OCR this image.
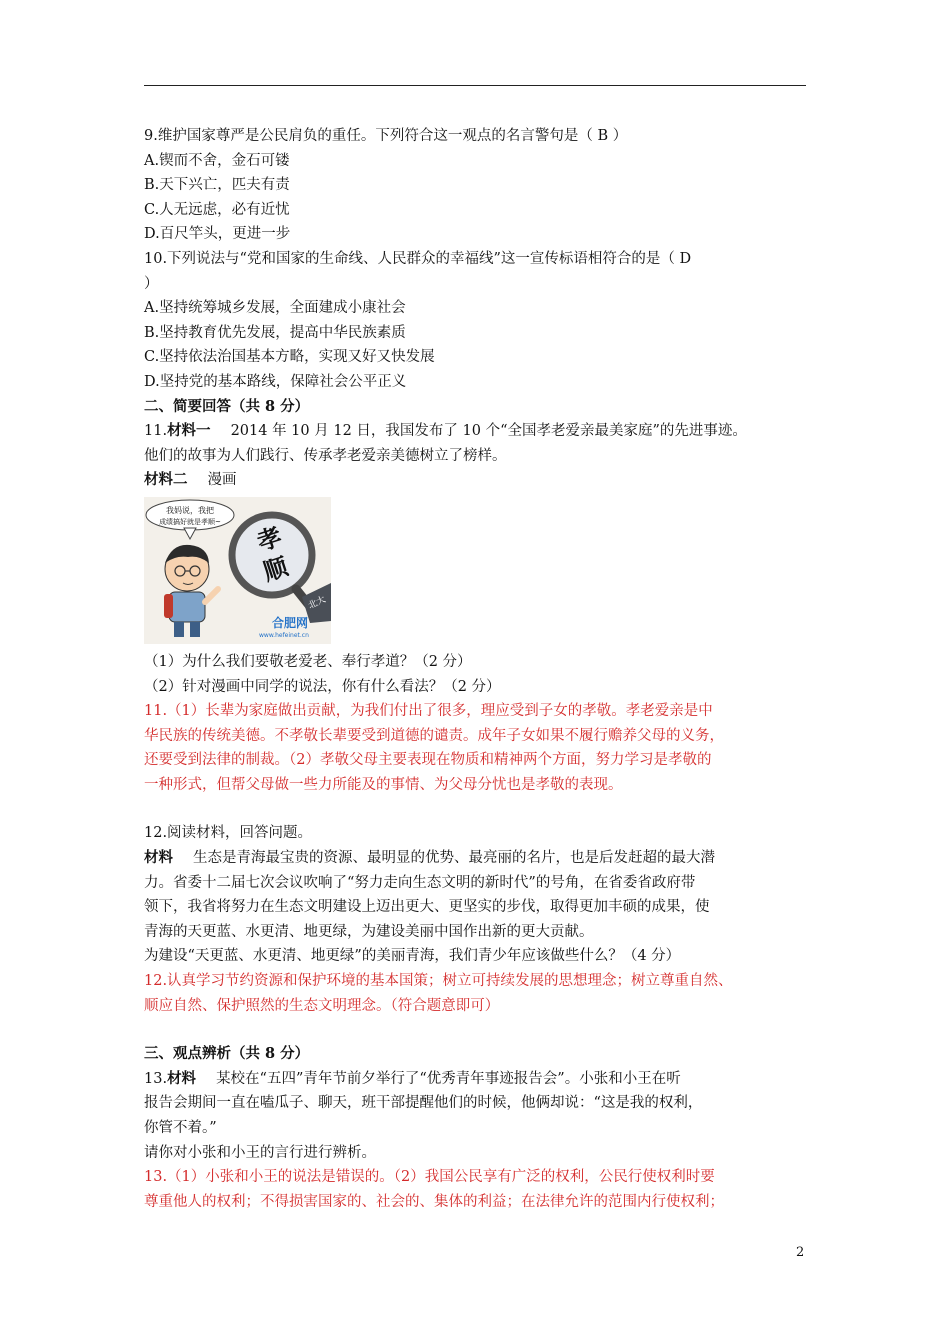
9.维护国家尊严是公民肩负的重任。下列符合这一观点的名言警句是（ B ）
A.锲而不舍，金石可镂
B.天下兴亡，匹夫有责
C.人无远虑，必有近忧
D.百尺竿头，更进一步
10.下列说法与“党和国家的生命线、人民群众的幸福线”这一宣传标语相符合的是（ D
）
A.坚持统筹城乡发展，全面建成小康社会
B.坚持教育优先发展，提高中华民族素质
C.坚持依法治国基本方略，实现又好又快发展
D.坚持党的基本路线，保障社会公平正义
二、简要回答（共 8 分）
11.材料一 2014 年 10 月 12 日，我国发布了 10 个“全国孝老爱亲最美家庭”的先进事迹。
他们的故事为人们践行、传承孝老爱亲美德树立了榜样。
材料二 漫画
我妈说，我把
成绩搞好就是孝顺~
孝
顺
北大
合肥网
www.hefeinet.cn
（1）为什么我们要敬老爱老、奉行孝道？（2 分）
（2）针对漫画中同学的说法，你有什么看法？（2 分）
11.（1）长辈为家庭做出贡献，为我们付出了很多，理应受到子女的孝敬。孝老爱亲是中
华民族的传统美德。不孝敬长辈要受到道德的谴责。成年子女如果不履行赡养父母的义务，
还要受到法律的制裁。（2）孝敬父母主要表现在物质和精神两个方面，努力学习是孝敬的
一种形式，但帮父母做一些力所能及的事情、为父母分忧也是孝敬的表现。
12.阅读材料，回答问题。
材料 生态是青海最宝贵的资源、最明显的优势、最亮丽的名片，也是后发赶超的最大潜
力。省委十二届七次会议吹响了“努力走向生态文明的新时代”的号角，在省委省政府带
领下，我省将努力在生态文明建设上迈出更大、更坚实的步伐，取得更加丰硕的成果，使
青海的天更蓝、水更清、地更绿，为建设美丽中国作出新的更大贡献。
为建设“天更蓝、水更清、地更绿”的美丽青海，我们青少年应该做些什么？（4 分）
12.认真学习节约资源和保护环境的基本国策；树立可持续发展的思想理念；树立尊重自然、
顺应自然、保护照然的生态文明理念。（符合题意即可）
三、观点辨析（共 8 分）
13.材料 某校在“五四”青年节前夕举行了“优秀青年事迹报告会”。小张和小王在听
报告会期间一直在嗑瓜子、聊天，班干部提醒他们的时候，他俩却说：“这是我的权利，
你管不着。”
请你对小张和小王的言行进行辨析。
13.（1）小张和小王的说法是错误的。（2）我国公民享有广泛的权利，公民行使权利时要
尊重他人的权利；不得损害国家的、社会的、集体的利益；在法律允许的范围内行使权利；
2
